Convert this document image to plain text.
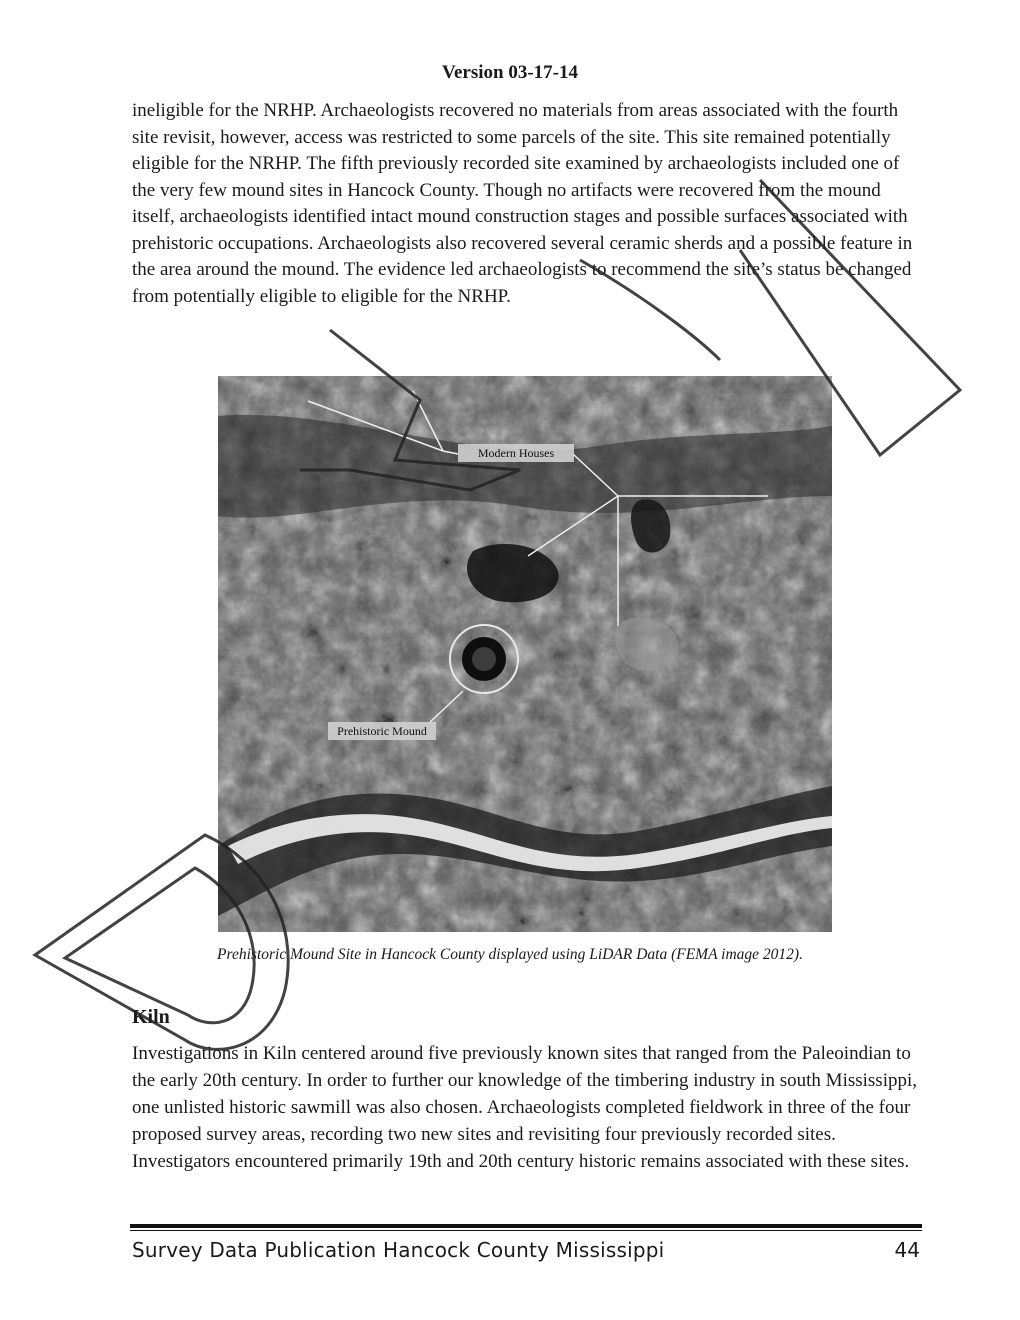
Version 03-17-14

ineligible for the NRHP. Archaeologists recovered no materials from areas associated with the fourth site revisit, however, access was restricted to some parcels of the site. This site remained potentially eligible for the NRHP. The fifth previously recorded site examined by archaeologists included one of the very few mound sites in Hancock County. Though no artifacts were recovered from the mound itself, archaeologists identified intact mound construction stages and possible surfaces associated with prehistoric occupations. Archaeologists also recovered several ceramic sherds and a possible feature in the area around the mound. The evidence led archaeologists to recommend the site’s status be changed from potentially eligible to eligible for the NRHP.

Modern Houses
Prehistoric Mound
Prehistoric Mound Site in Hancock County displayed using LiDAR Data (FEMA image 2012).
Kiln

Investigations in Kiln centered around five previously known sites that ranged from the Paleoindian to the early 20th century. In order to further our knowledge of the timbering industry in south Mississippi, one unlisted historic sawmill was also chosen. Archaeologists completed fieldwork in three of the four proposed survey areas, recording two new sites and revisiting four previously recorded sites. Investigators encountered primarily 19th and 20th century historic remains associated with these sites.

Survey Data Publication Hancock County Mississippi	44
